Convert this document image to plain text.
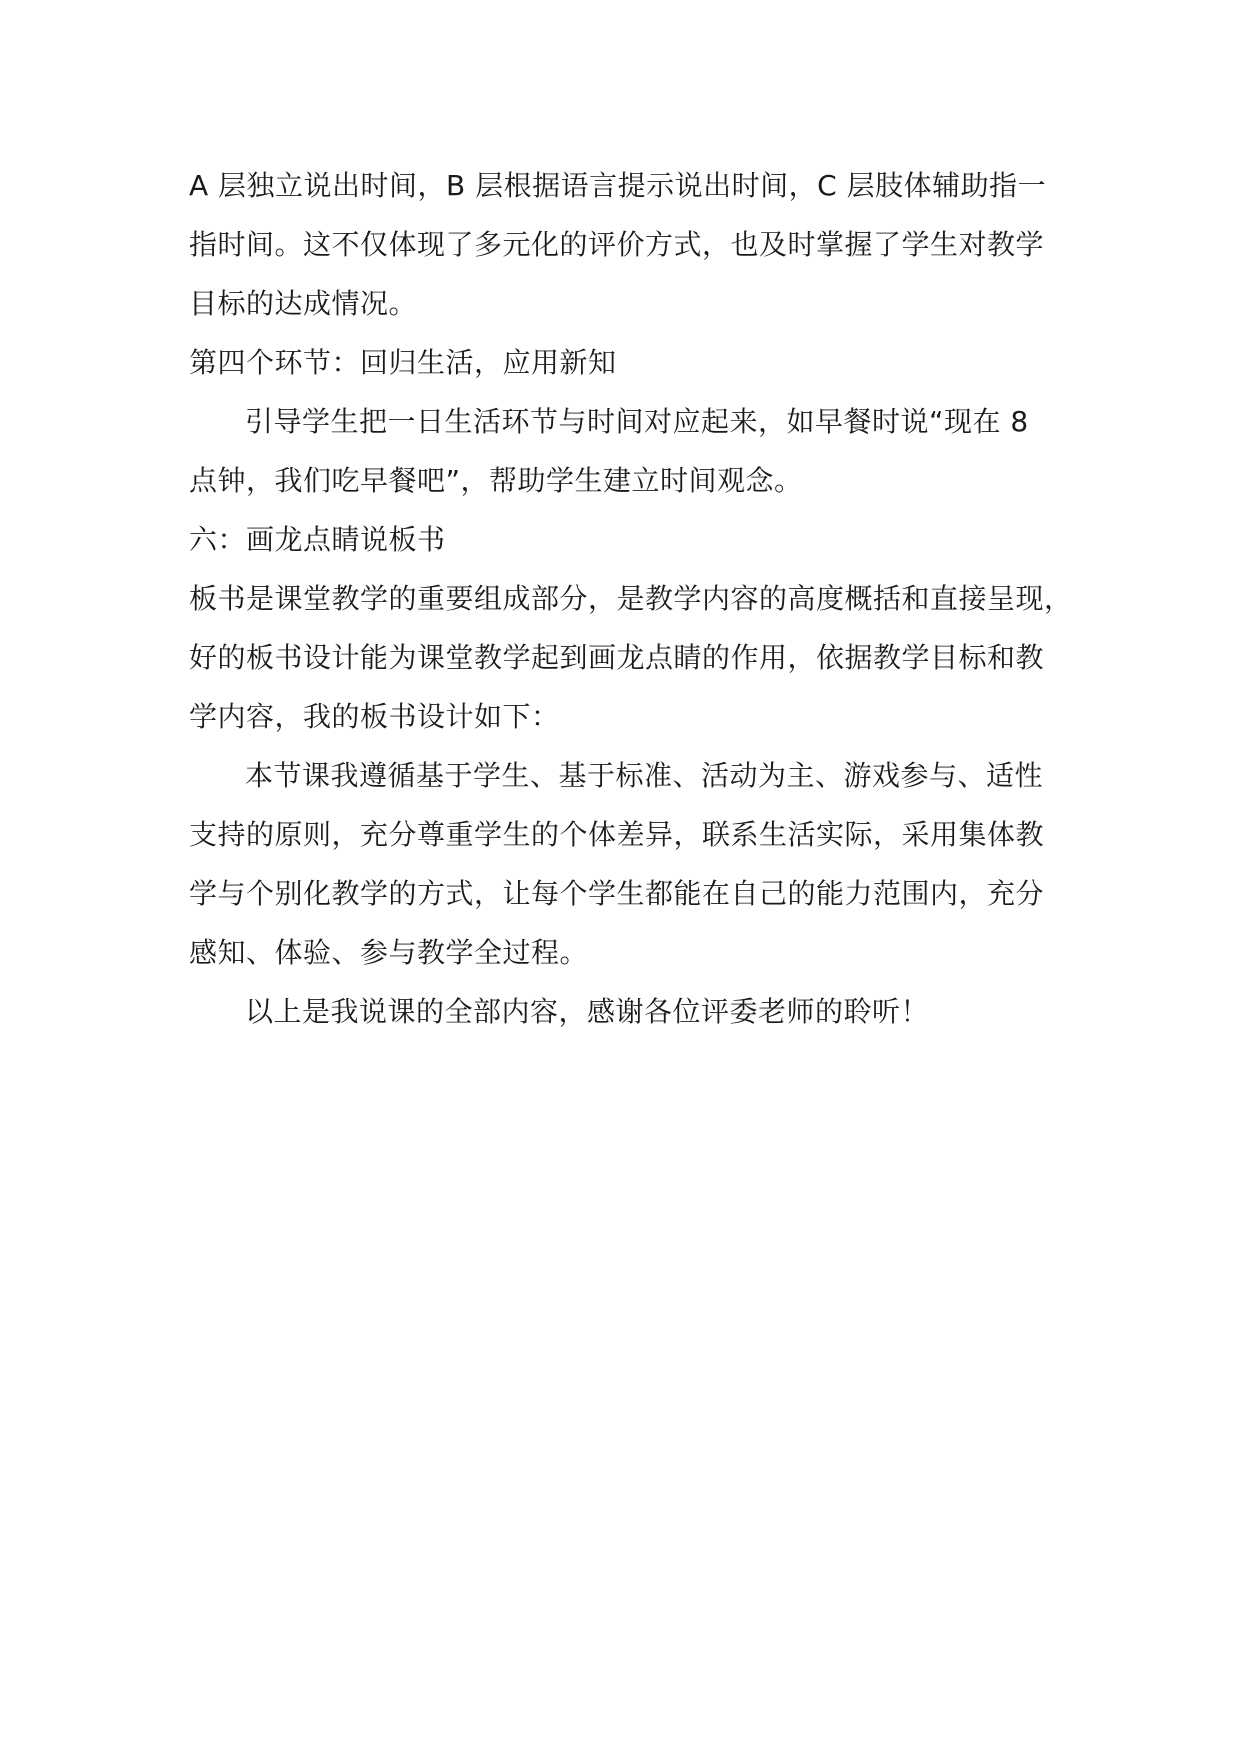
A 层独立说出时间，B 层根据语言提示说出时间，C 层肢体辅助指一
指时间。这不仅体现了多元化的评价方式，也及时掌握了学生对教学
目标的达成情况。
第四个环节：回归生活，应用新知
引导学生把一日生活环节与时间对应起来，如早餐时说“现在 8
点钟，我们吃早餐吧”，帮助学生建立时间观念。
六：画龙点睛说板书
板书是课堂教学的重要组成部分，是教学内容的高度概括和直接呈现，
好的板书设计能为课堂教学起到画龙点睛的作用，依据教学目标和教
学内容，我的板书设计如下：
本节课我遵循基于学生、基于标准、活动为主、游戏参与、适性
支持的原则，充分尊重学生的个体差异，联系生活实际，采用集体教
学与个别化教学的方式，让每个学生都能在自己的能力范围内，充分
感知、体验、参与教学全过程。
以上是我说课的全部内容，感谢各位评委老师的聆听！
